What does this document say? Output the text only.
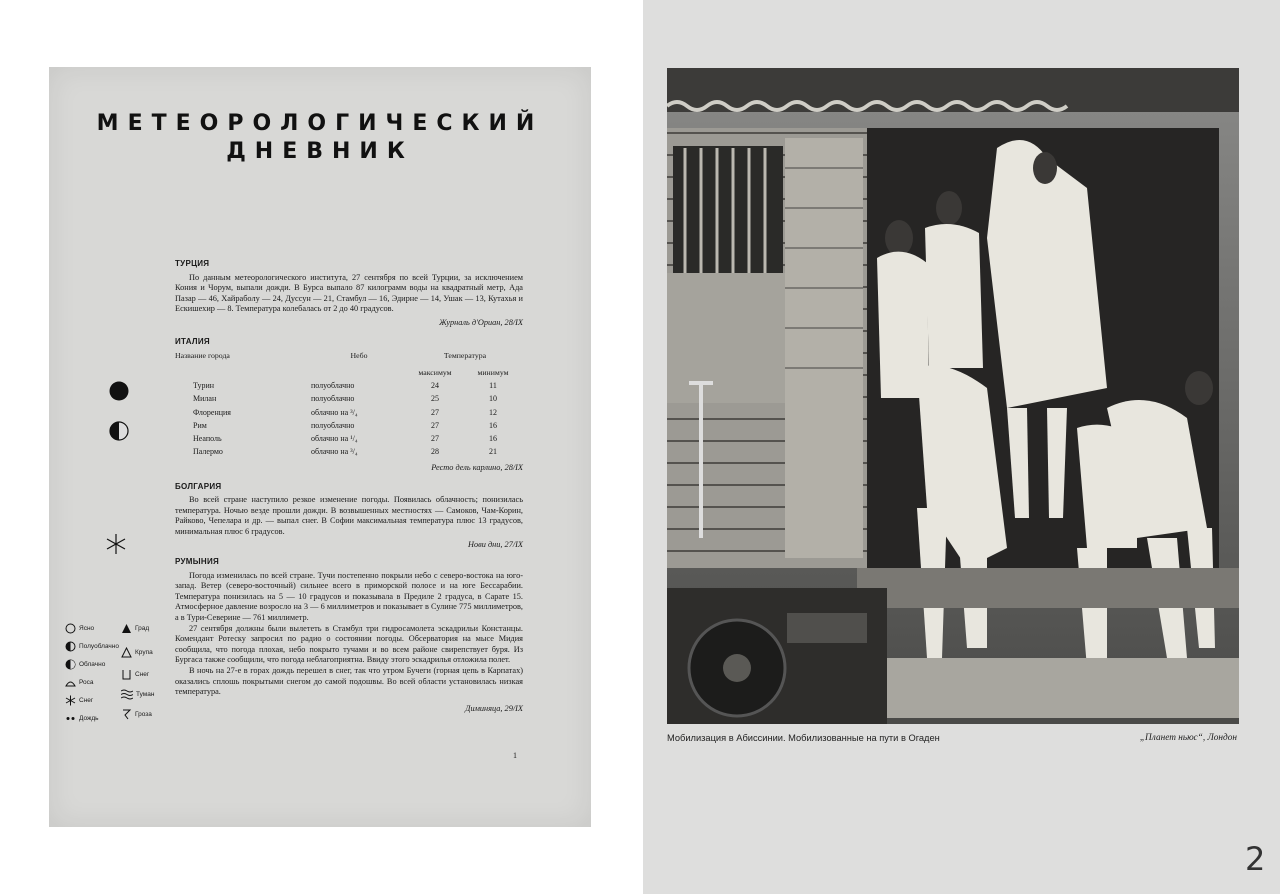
МЕТЕОРОЛОГИЧЕСКИЙ
ДНЕВНИК
ТУРЦИЯ

По данным метеорологического института, 27 сентября по всей Турции, за исключением Кония и Чорум, выпали дожди. В Бурса выпало 87 килограмм воды на квадратный метр, Ада Пазар — 46, Хайраболу — 24, Дуссун — 21, Стамбул — 16, Эдирне — 14, Ушак — 13, Кутахья и Ескишехир — 8. Температура колебалась от 2 до 40 градусов.

Журналь д'Ориан, 28/IX
ИТАЛИЯ
Название города	Небо	Температура	
		максимум	минимум
Турин	полуоблачно	24	11
Милан	полуоблачно	25	10
Флоренция	облачно на ³/₄	27	12
Рим	полуоблачно	27	16
Неаполь	облачно на ¹/₄	27	16
Палермо	облачно на ³/₄	28	21
Ресто дель карлино, 28/IX
БОЛГАРИЯ

Во всей стране наступило резкое изменение погоды. Появилась облачность; понизилась температура. Ночью везде прошли дожди. В возвышенных местностях — Самоков, Чам-Корин, Райково, Чепелара и др. — выпал снег. В Софии максимальная температура плюс 13 градусов, минимальная плюс 6 градусов.

Нови дни, 27/IX
РУМЫНИЯ

Погода изменилась по всей стране. Тучи постепенно покрыли небо с северо-востока на юго-запад. Ветер (северо-восточный) сильнее всего в приморской полосе и на юге Бессарабии. Температура понизилась на 5 — 10 градусов и показывала в Предиле 2 градуса, в Сарате 15. Атмосферное давление возросло на 3 — 6 миллиметров и показывает в Сулине 775 миллиметров, а в Тури-Северине — 761 миллиметр.

27 сентября должны были вылететь в Стамбул три гидросамолета эскадрильи Констанцы. Комендант Ротеску запросил по радио о состоянии погоды. Обсерватория на мысе Мидия сообщила, что погода плохая, небо покрыто тучами и во всем районе свирепствует буря. Из Бургаса также сообщили, что погода неблагоприятна. Ввиду этого эскадрилья отложила полет.

В ночь на 27-е в горах дождь перешел в снег, так что утром Бучеги (горная цепь в Карпатах) оказались сплошь покрытыми снегом до самой подошвы. Во всей области установилась низкая температура.

Диминяца, 29/IX
Ясно
Полуоблачно
Облачно
Роса
Снег
Дождь
Град
Крупа
Снег
Туман
Гроза
1
Мобилизация в Абиссинии. Мобилизованные на пути в Огаден	„Планет ньюс“, Лондон
2
